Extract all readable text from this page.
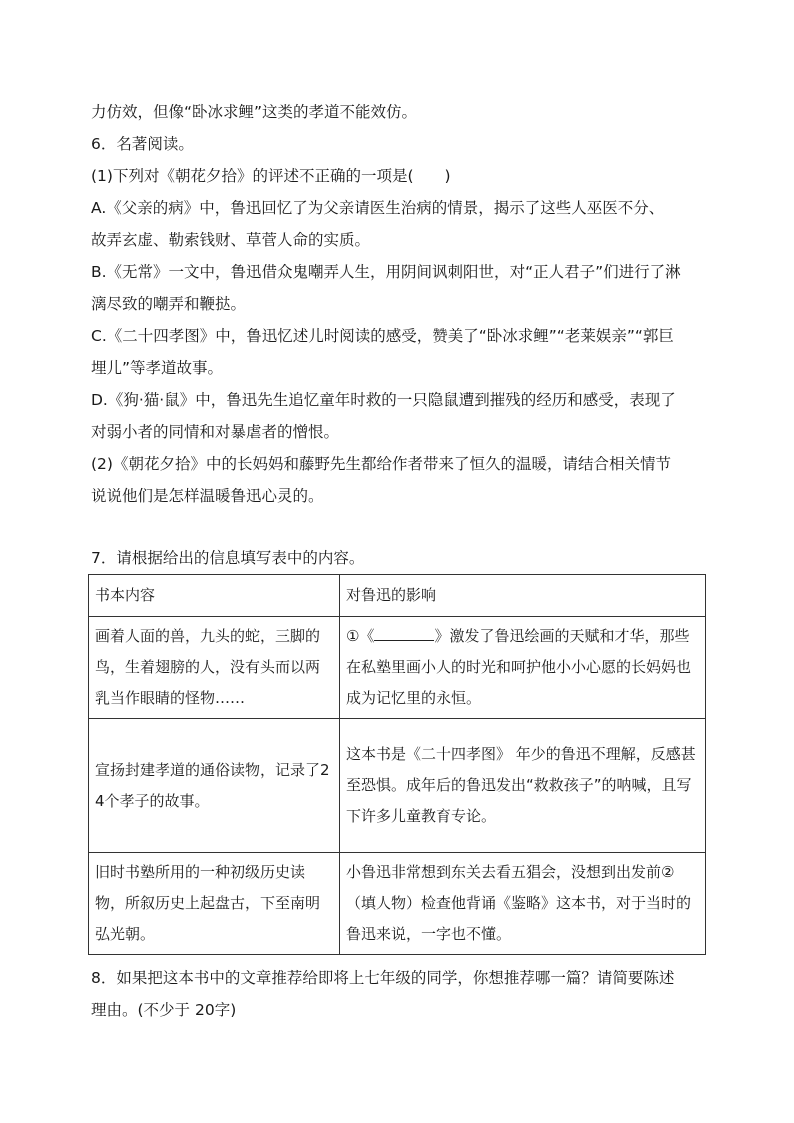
力仿效，但像“卧冰求鲤”这类的孝道不能效仿。
6．名著阅读。
(1)下列对《朝花夕拾》的评述不正确的一项是(　　)
A.《父亲的病》中，鲁迅回忆了为父亲请医生治病的情景，揭示了这些人巫医不分、
故弄玄虚、勒索钱财、草菅人命的实质。
B.《无常》一文中，鲁迅借众鬼嘲弄人生，用阴间讽刺阳世，对“正人君子”们进行了淋
漓尽致的嘲弄和鞭挞。
C.《二十四孝图》中，鲁迅忆述儿时阅读的感受，赞美了“卧冰求鲤”“老莱娱亲”“郭巨
埋儿”等孝道故事。
D.《狗·猫·鼠》中，鲁迅先生追忆童年时救的一只隐鼠遭到摧残的经历和感受，表现了
对弱小者的同情和对暴虐者的憎恨。
(2)《朝花夕拾》中的长妈妈和藤野先生都给作者带来了恒久的温暖，请结合相关情节
说说他们是怎样温暖鲁迅心灵的。
7．请根据给出的信息填写表中的内容。
书本内容	对鲁迅的影响
画着人面的兽，九头的蛇，三脚的鸟，生着翅膀的人，没有头而以两乳当作眼睛的怪物……	①《 》激发了鲁迅绘画的天赋和才华，那些在私塾里画小人的时光和呵护他小小心愿的长妈妈也成为记忆里的永恒。
宣扬封建孝道的通俗读物，记录了24个孝子的故事。	这本书是《二十四孝图》 年少的鲁迅不理解，反感甚至恐惧。成年后的鲁迅发出“救救孩子”的呐喊，且写下许多儿童教育专论。
旧时书塾所用的一种初级历史读物，所叙历史上起盘古，下至南明弘光朝。	小鲁迅非常想到东关去看五猖会，没想到出发前②（填人物）检查他背诵《鉴略》这本书，对于当时的鲁迅来说，一字也不懂。
8．如果把这本书中的文章推荐给即将上七年级的同学，你想推荐哪一篇？请简要陈述
理由。(不少于 20字)
